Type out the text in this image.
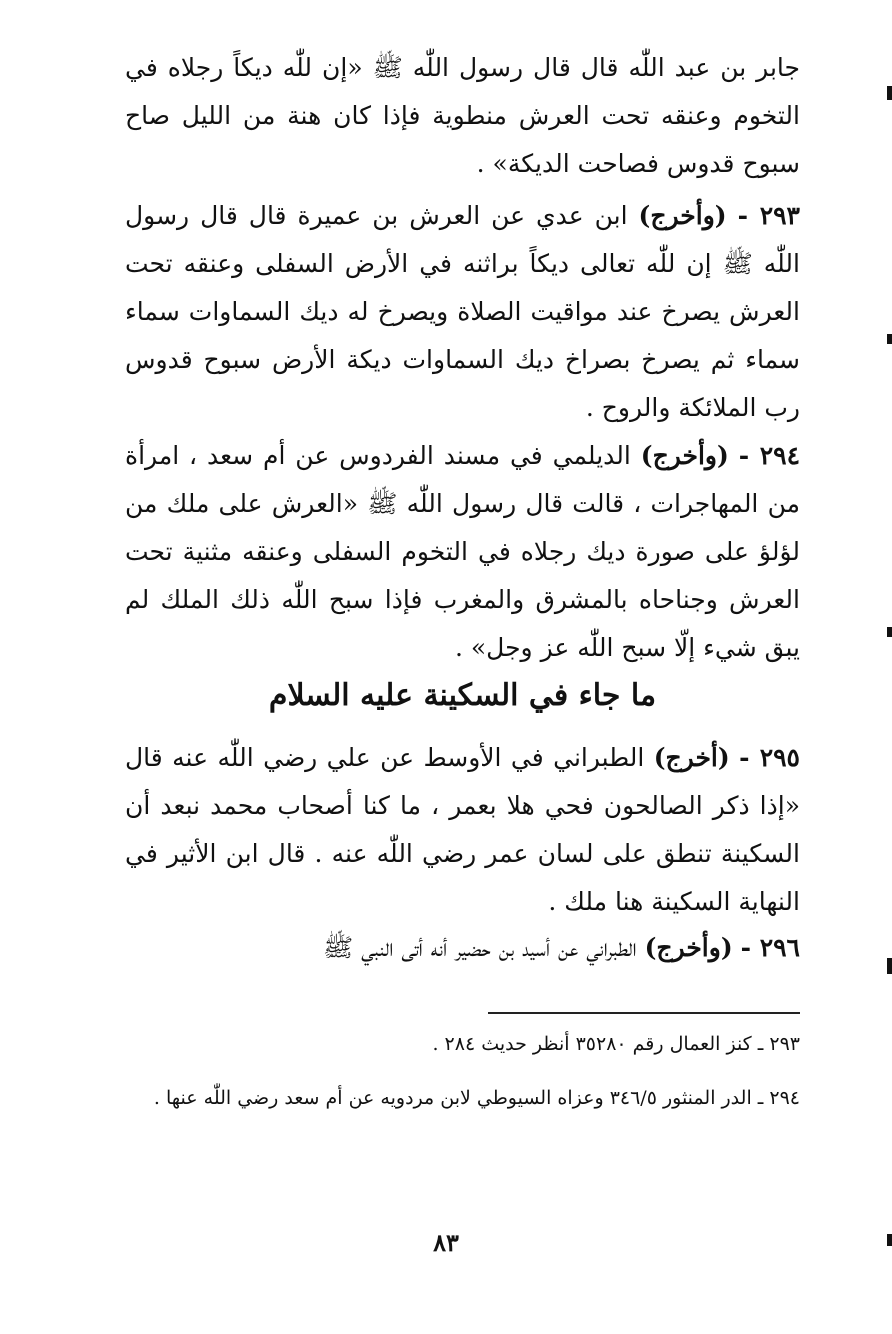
جابر بن عبد اللّٰه قال قال رسول اللّٰه ﷺ «إن للّٰه ديكاً رجلاه في التخوم وعنقه تحت العرش منطوية فإذا كان هنة من الليل صاح سبوح قدوس فصاحت الديكة» .

٢٩٣ - (وأخرج) ابن عدي عن العرش بن عميرة قال قال رسول اللّٰه ﷺ إن للّٰه تعالى ديكاً براثنه في الأرض السفلى وعنقه تحت العرش يصرخ عند مواقيت الصلاة ويصرخ له ديك السماوات سماء سماء ثم يصرخ بصراخ ديك السماوات ديكة الأرض سبوح قدوس رب الملائكة والروح .

٢٩٤ - (وأخرج) الديلمي في مسند الفردوس عن أم سعد ، امرأة من المهاجرات ، قالت قال رسول اللّٰه ﷺ «العرش على ملك من لؤلؤ على صورة ديك رجلاه في التخوم السفلى وعنقه مثنية تحت العرش وجناحاه بالمشرق والمغرب فإذا سبح اللّٰه ذلك الملك لم يبق شيء إلّا سبح اللّٰه عز وجل» .

ما جاء في السكينة عليه السلام

٢٩٥ - (أخرج) الطبراني في الأوسط عن علي رضي اللّٰه عنه قال «إذا ذكر الصالحون فحي هلا بعمر ، ما كنا أصحاب محمد نبعد أن السكينة تنطق على لسان عمر رضي اللّٰه عنه . قال ابن الأثير في النهاية السكينة هنا ملك .

٢٩٦ - (وأخرج) الطبراني عن أسيد بن حضير أنه أتى النبي ﷺ

٢٩٣ ـ كنز العمال رقم ٣٥٢٨٠ أنظر حديث ٢٨٤ .

٢٩٤ ـ الدر المنثور ٣٤٦/٥ وعزاه السيوطي لابن مردويه عن أم سعد رضي اللّٰه عنها .

٨٣
